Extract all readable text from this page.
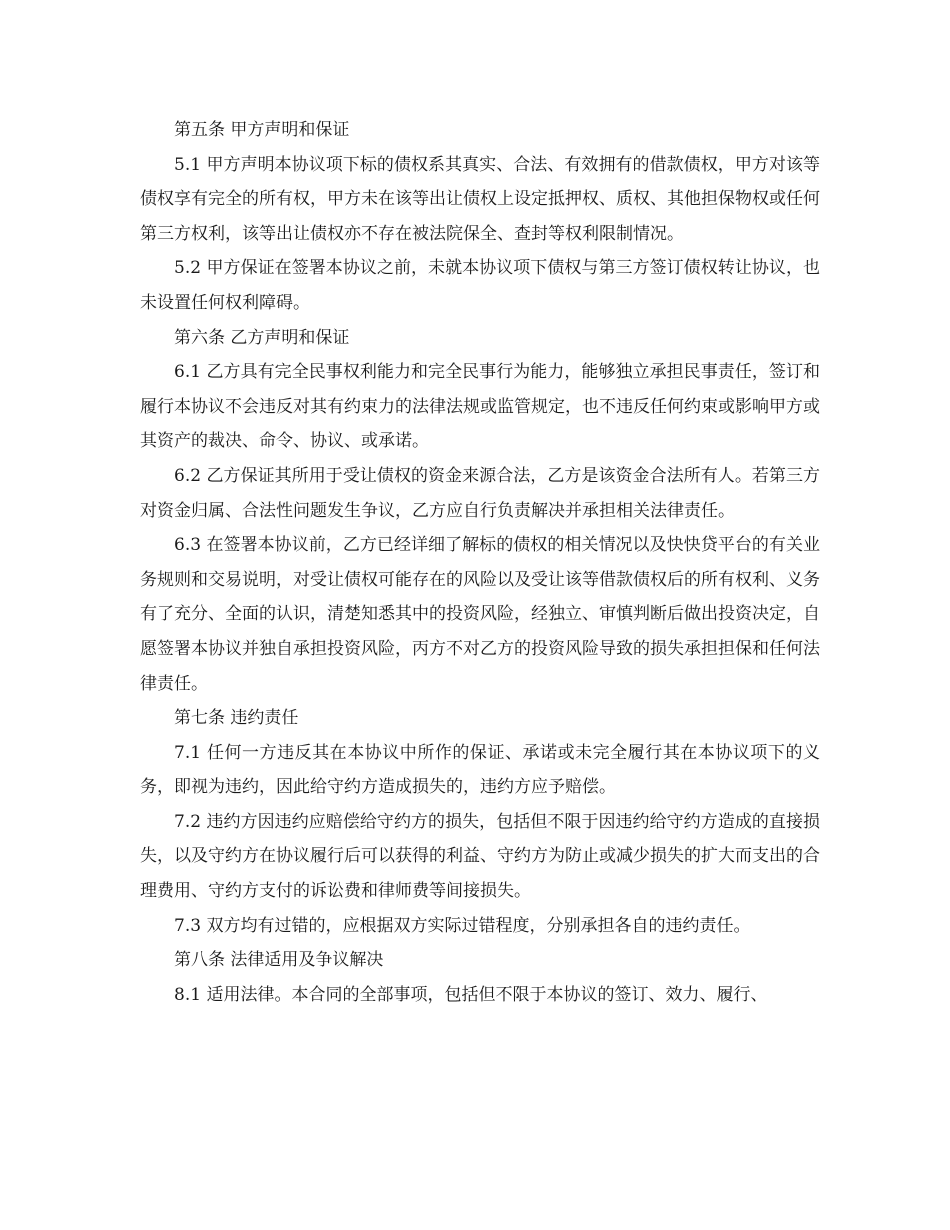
第五条 甲方声明和保证

5.1 甲方声明本协议项下标的债权系其真实、合法、有效拥有的借款债权，甲方对该等债权享有完全的所有权，甲方未在该等出让债权上设定抵押权、质权、其他担保物权或任何第三方权利，该等出让债权亦不存在被法院保全、查封等权利限制情况。

5.2 甲方保证在签署本协议之前，未就本协议项下债权与第三方签订债权转让协议，也未设置任何权利障碍。

第六条 乙方声明和保证

6.1 乙方具有完全民事权利能力和完全民事行为能力，能够独立承担民事责任，签订和履行本协议不会违反对其有约束力的法律法规或监管规定，也不违反任何约束或影响甲方或其资产的裁决、命令、协议、或承诺。

6.2 乙方保证其所用于受让债权的资金来源合法，乙方是该资金合法所有人。若第三方对资金归属、合法性问题发生争议，乙方应自行负责解决并承担相关法律责任。

6.3 在签署本协议前，乙方已经详细了解标的债权的相关情况以及快快贷平台的有关业务规则和交易说明，对受让债权可能存在的风险以及受让该等借款债权后的所有权利、义务有了充分、全面的认识，清楚知悉其中的投资风险，经独立、审慎判断后做出投资决定，自愿签署本协议并独自承担投资风险，丙方不对乙方的投资风险导致的损失承担担保和任何法律责任。

第七条 违约责任

7.1 任何一方违反其在本协议中所作的保证、承诺或未完全履行其在本协议项下的义务，即视为违约，因此给守约方造成损失的，违约方应予赔偿。

7.2 违约方因违约应赔偿给守约方的损失，包括但不限于因违约给守约方造成的直接损失，以及守约方在协议履行后可以获得的利益、守约方为防止或减少损失的扩大而支出的合理费用、守约方支付的诉讼费和律师费等间接损失。

7.3 双方均有过错的，应根据双方实际过错程度，分别承担各自的违约责任。

第八条 法律适用及争议解决

8.1 适用法律。本合同的全部事项，包括但不限于本协议的签订、效力、履行、
